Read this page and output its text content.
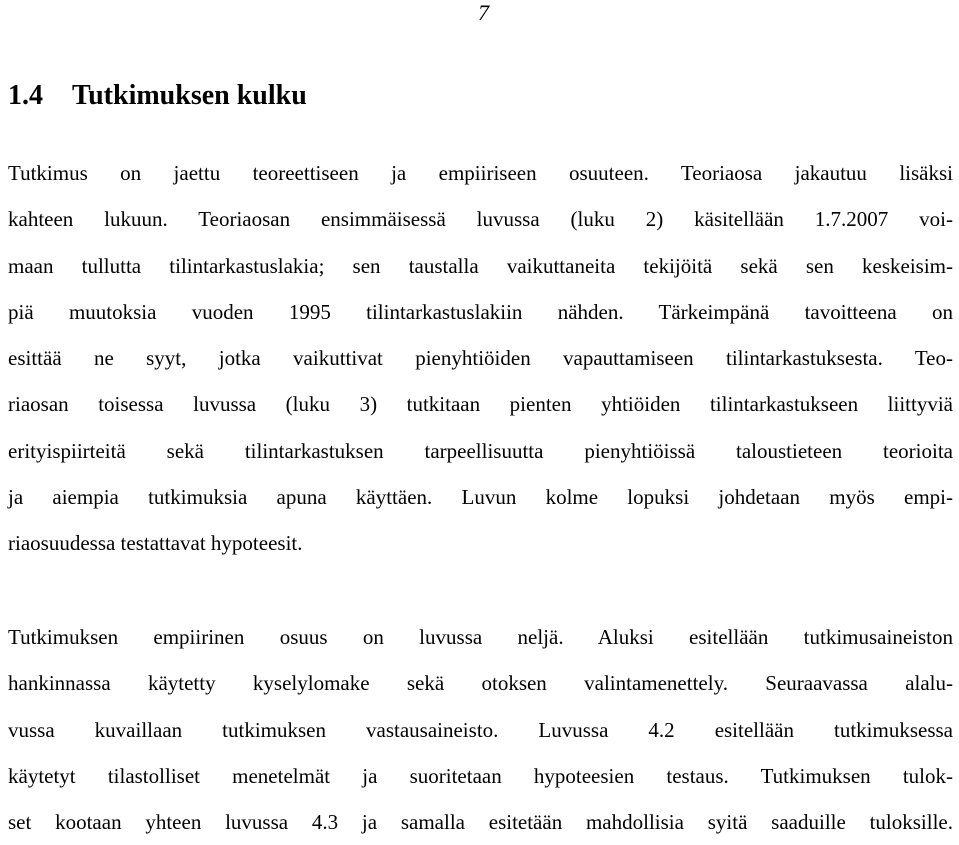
7
1.4 Tutkimuksen kulku
Tutkimus on jaettu teoreettiseen ja empiiriseen osuuteen. Teoriaosa jakautuu lisäksi
kahteen lukuun. Teoriaosan ensimmäisessä luvussa (luku 2) käsitellään 1.7.2007 voi-
maan tullutta tilintarkastuslakia; sen taustalla vaikuttaneita tekijöitä sekä sen keskeisim-
piä muutoksia vuoden 1995 tilintarkastuslakiin nähden. Tärkeimpänä tavoitteena on
esittää ne syyt, jotka vaikuttivat pienyhtiöiden vapauttamiseen tilintarkastuksesta. Teo-
riaosan toisessa luvussa (luku 3) tutkitaan pienten yhtiöiden tilintarkastukseen liittyviä
erityispiirteitä sekä tilintarkastuksen tarpeellisuutta pienyhtiöissä taloustieteen teorioita
ja aiempia tutkimuksia apuna käyttäen. Luvun kolme lopuksi johdetaan myös empi-
riaosuudessa testattavat hypoteesit.
Tutkimuksen empiirinen osuus on luvussa neljä. Aluksi esitellään tutkimusaineiston
hankinnassa käytetty kyselylomake sekä otoksen valintamenettely. Seuraavassa alalu-
vussa kuvaillaan tutkimuksen vastausaineisto. Luvussa 4.2 esitellään tutkimuksessa
käytetyt tilastolliset menetelmät ja suoritetaan hypoteesien testaus. Tutkimuksen tulok-
set kootaan yhteen luvussa 4.3 ja samalla esitetään mahdollisia syitä saaduille tuloksille.
